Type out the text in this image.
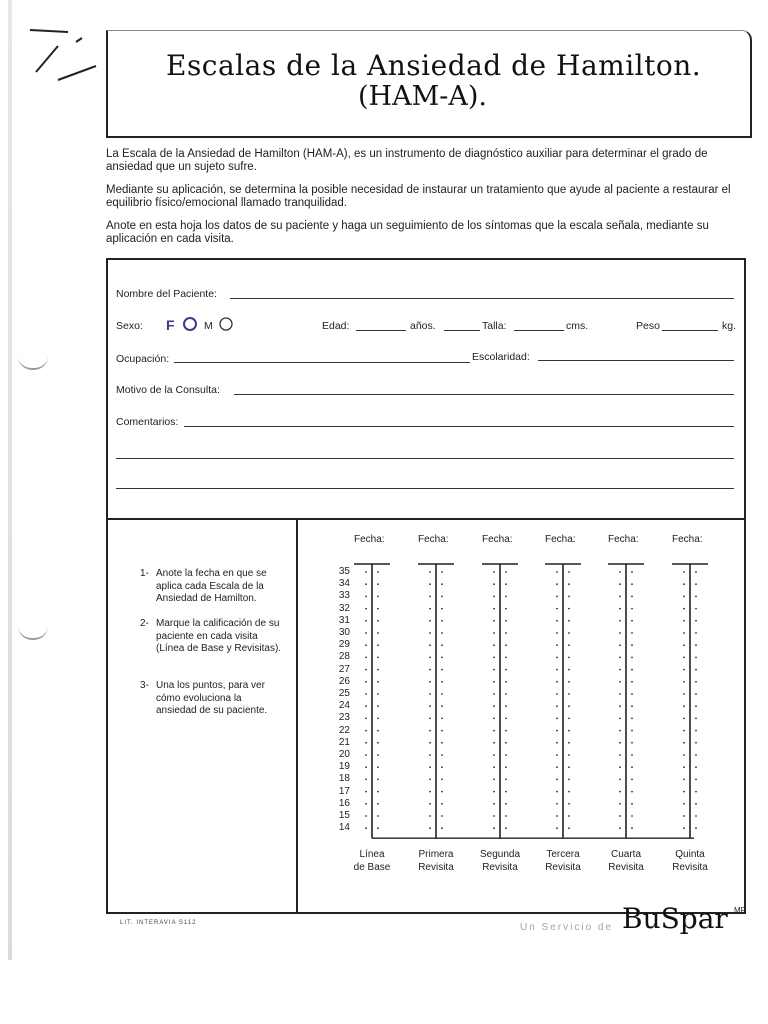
Escalas de la Ansiedad de Hamilton.
(HAM-A).
La Escala de la Ansiedad de Hamilton (HAM-A), es un instrumento de diagnóstico auxiliar para determinar el grado de ansiedad que un sujeto sufre.
Mediante su aplicación, se determina la posible necesidad de instaurar un tratamiento que ayude al paciente a restaurar el equilibrio físico/emocional llamado tranquilidad.
Anote en esta hoja los datos de su paciente y haga un seguimiento de los síntomas que la escala señala, mediante su aplicación en cada visita.
Nombre del Paciente:
Sexo: F	M	Edad:	años.	Talla:	cms.	Peso	kg.
Ocupación:	Escolaridad:
Motivo de la Consulta:
Comentarios:
1- Anote la fecha en que se aplica cada Escala de la Ansiedad de Hamilton.
2- Marque la calificación de su paciente en cada visita (Línea de Base y Revisitas).
3- Una los puntos, para ver cómo evoluciona la ansiedad de su paciente.
Fecha:	Fecha:	Fecha:	Fecha:	Fecha:	Fecha:
35
34
33
32
31
30
29
28
27
26
25
24
23
22
21
20
19
18
17
16
15
14
Línea
de Base
Primera
Revisita
Segunda
Revisita
Tercera
Revisita
Cuarta
Revisita
Quinta
Revisita
LIT. INTERAVIA S112	Un Servicio de BuSpar MR
